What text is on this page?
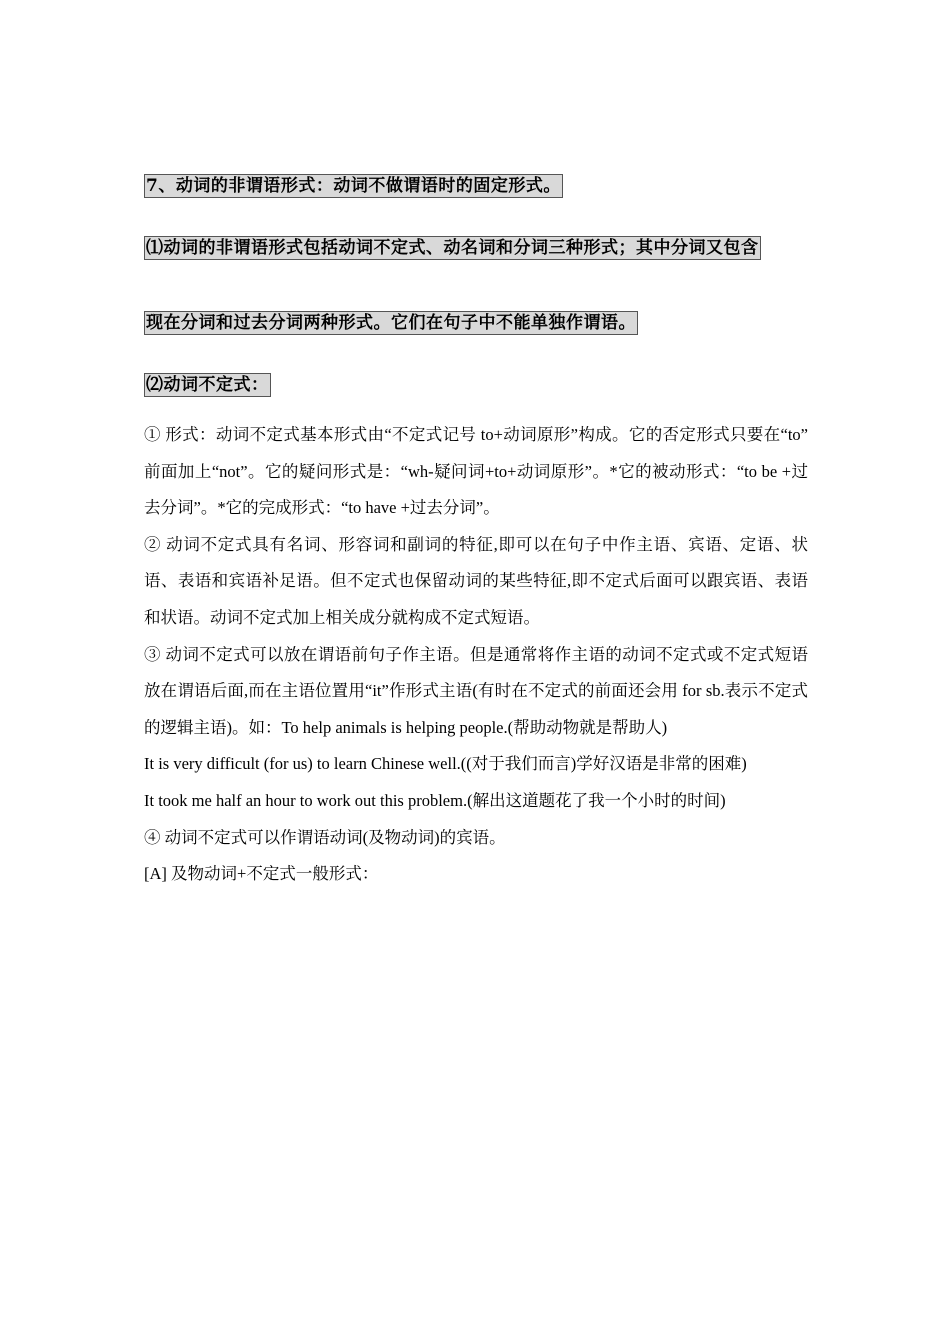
7、动词的非谓语形式：动词不做谓语时的固定形式。
⑴动词的非谓语形式包括动词不定式、动名词和分词三种形式；其中分词又包含
现在分词和过去分词两种形式。它们在句子中不能单独作谓语。
⑵动词不定式：

① 形式：动词不定式基本形式由“不定式记号 to+动词原形”构成。它的否定形式只要在“to” 前面加上“not”。它的疑问形式是：“wh-疑问词+to+动词原形”。*它的被动形式：“to be +过去分词”。*它的完成形式：“to have +过去分词”。

② 动词不定式具有名词、形容词和副词的特征,即可以在句子中作主语、宾语、定语、状语、表语和宾语补足语。但不定式也保留动词的某些特征,即不定式后面可以跟宾语、表语和状语。动词不定式加上相关成分就构成不定式短语。

③ 动词不定式可以放在谓语前句子作主语。但是通常将作主语的动词不定式或不定式短语放在谓语后面,而在主语位置用“it”作形式主语(有时在不定式的前面还会用 for sb.表示不定式的逻辑主语)。如：To help animals is helping people.(帮助动物就是帮助人)

It is very difficult (for us) to learn Chinese well.((对于我们而言)学好汉语是非常的困难)

It took me half an hour to work out this problem.(解出这道题花了我一个小时的时间)

④ 动词不定式可以作谓语动词(及物动词)的宾语。

[A] 及物动词+不定式一般形式：
